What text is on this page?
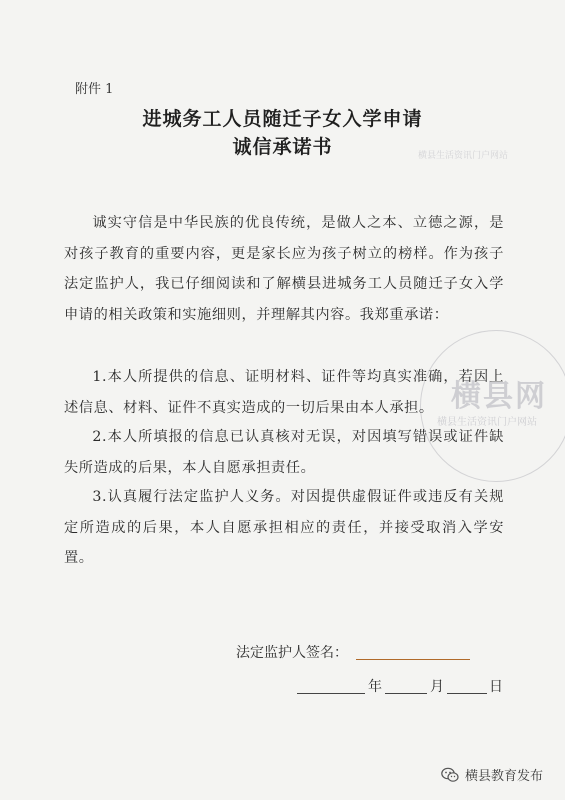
附件 1
进城务工人员随迁子女入学申请
诚信承诺书	横县生活资讯门户网站
横县网
横县生活资讯门户网站
诚实守信是中华民族的优良传统，是做人之本、立德之源，是对孩子教育的重要内容，更是家长应为孩子树立的榜样。作为孩子法定监护人，我已仔细阅读和了解横县进城务工人员随迁子女入学申请的相关政策和实施细则，并理解其内容。我郑重承诺：
1.本人所提供的信息、证明材料、证件等均真实准确，若因上述信息、材料、证件不真实造成的一切后果由本人承担。
2.本人所填报的信息已认真核对无误，对因填写错误或证件缺失所造成的后果，本人自愿承担责任。
3.认真履行法定监护人义务。对因提供虚假证件或违反有关规定所造成的后果，本人自愿承担相应的责任，并接受取消入学安置。
法定监护人签名：
年	月	日
横县教育发布
